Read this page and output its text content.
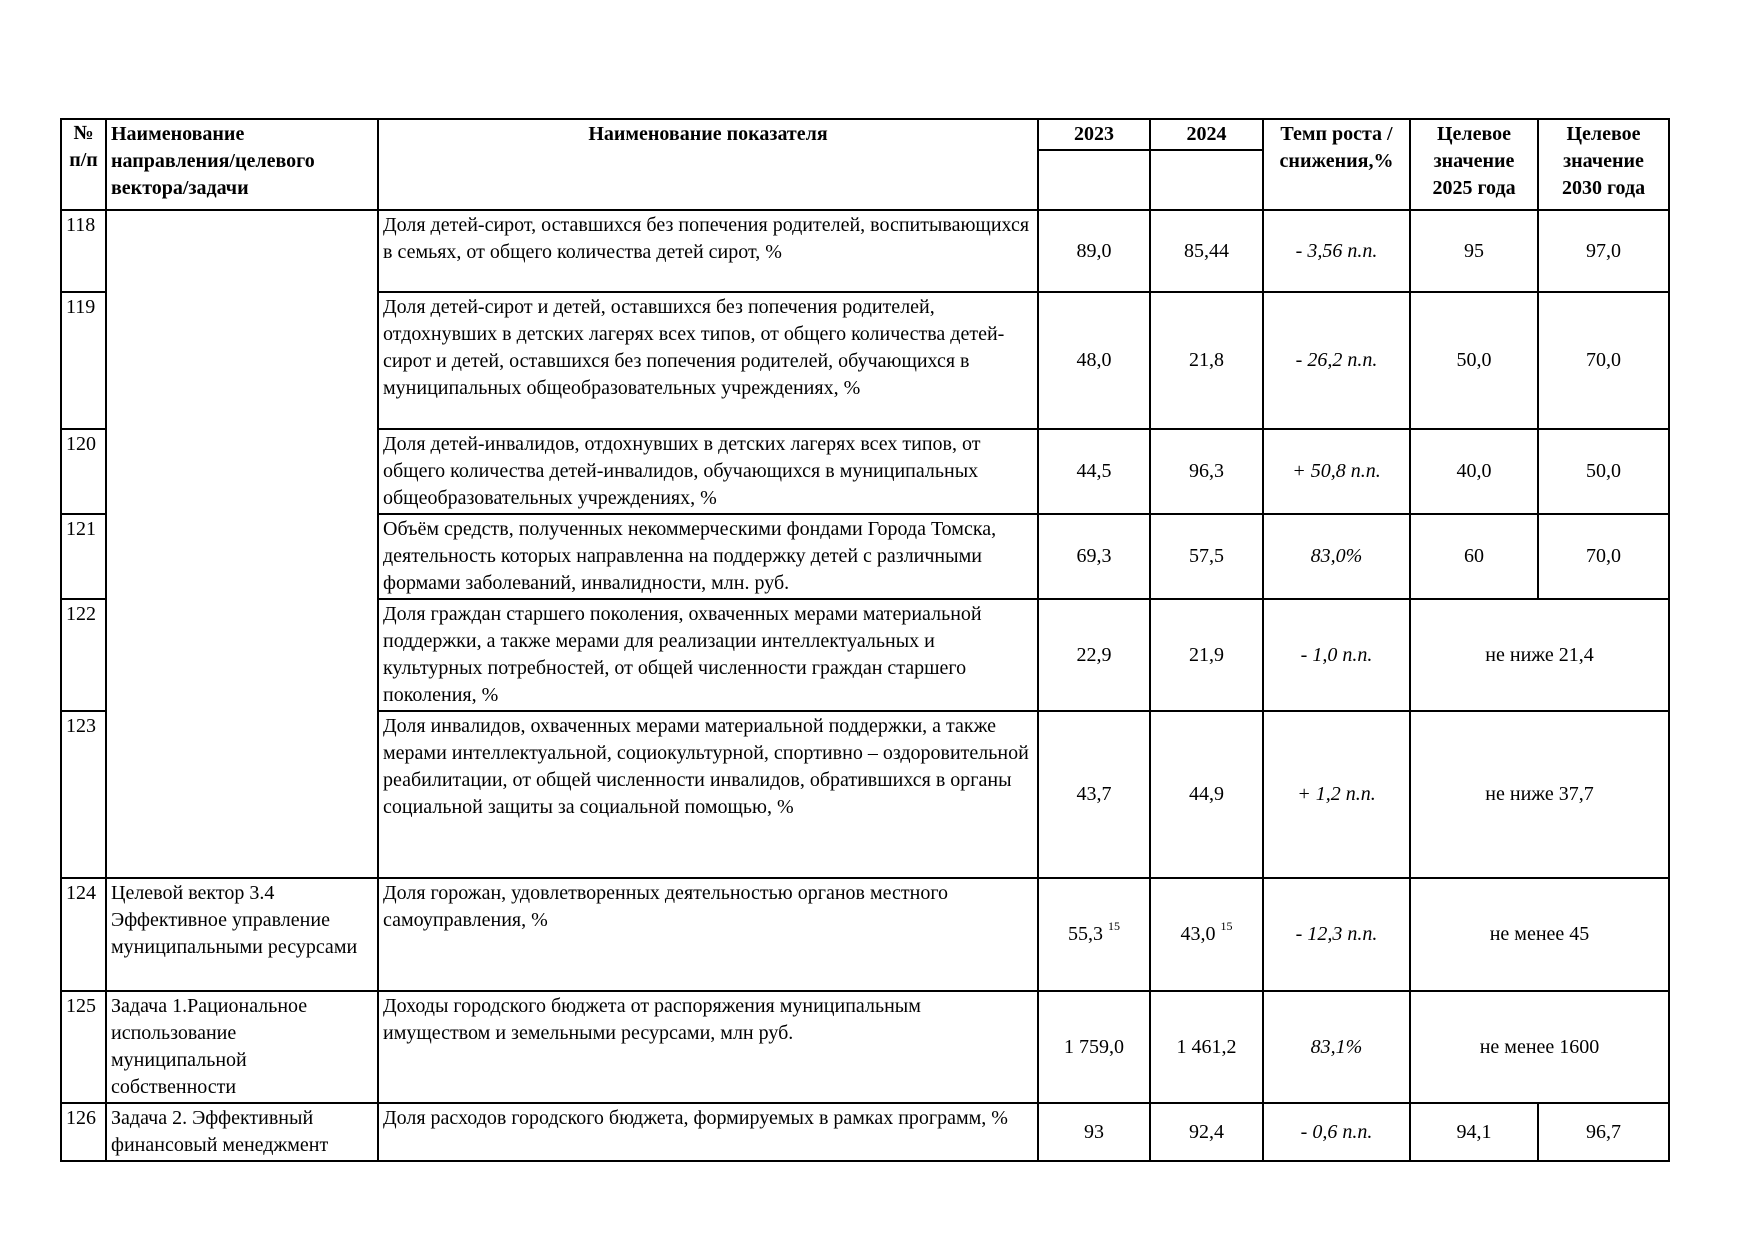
№ п/п	Наименование направления/целевого вектора/задачи	Наименование показателя	2023	2024	Темп роста / снижения,%	Целевое значение 2025 года	Целевое значение 2030 года

118		Доля детей-сирот, оставшихся без попечения родителей, воспитывающихся в семьях, от общего количества детей сирот, %	89,0	85,44	- 3,56 п.п.	95	97,0
119		Доля детей-сирот и детей, оставшихся без попечения родителей, отдохнувших в детских лагерях всех типов, от общего количества детей-сирот и детей, оставшихся без попечения родителей, обучающихся в муниципальных общеобразовательных учреждениях, %	48,0	21,8	- 26,2 п.п.	50,0	70,0
120		Доля детей-инвалидов, отдохнувших в детских лагерях всех типов, от общего количества детей-инвалидов, обучающихся в муниципальных общеобразовательных учреждениях, %	44,5	96,3	+ 50,8 п.п.	40,0	50,0
121		Объём средств, полученных некоммерческими фондами Города Томска, деятельность которых направленна на поддержку детей с различными формами заболеваний, инвалидности, млн. руб.	69,3	57,5	83,0%	60	70,0
122		Доля граждан старшего поколения, охваченных мерами материальной поддержки, а также мерами для реализации интеллектуальных и культурных потребностей, от общей численности граждан старшего поколения, %	22,9	21,9	- 1,0 п.п.	не ниже 21,4	
123		Доля инвалидов, охваченных мерами материальной поддержки, а также мерами интеллектуальной, социокультурной, спортивно – оздоровительной реабилитации, от общей численности инвалидов, обратившихся в органы социальной защиты за социальной помощью, %	43,7	44,9	+ 1,2 п.п.	не ниже 37,7	
124	Целевой вектор 3.4 Эффективное управление муниципальными ресурсами	Доля горожан, удовлетворенных деятельностью органов местного самоуправления, %	55,3 $^{15}$	43,0 $^{15}$	- 12,3 п.п.	не менее 45	
125	Задача 1.Рациональное использование муниципальной собственности	Доходы городского бюджета от распоряжения муниципальным имуществом и земельными ресурсами, млн руб.	1 759,0	1 461,2	83,1%	не менее 1600	
126	Задача 2. Эффективный финансовый менеджмент	Доля расходов городского бюджета, формируемых в рамках программ, %	93	92,4	- 0,6 п.п.	94,1	96,7
